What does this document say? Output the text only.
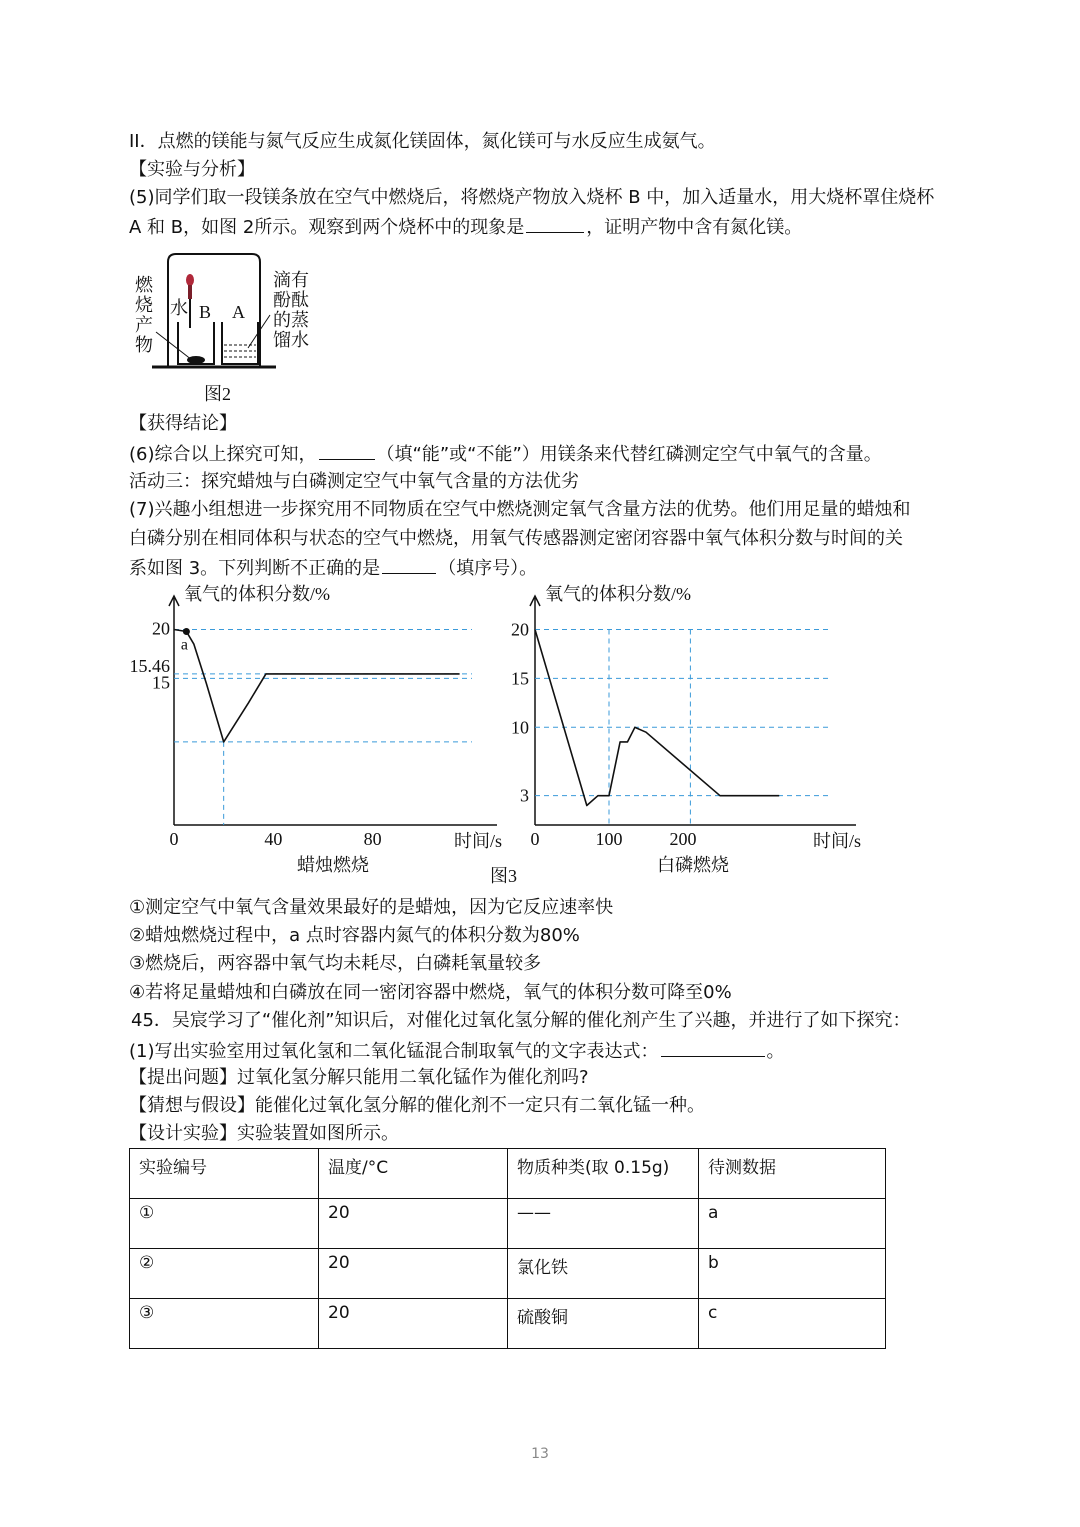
II．点燃的镁能与氮气反应生成氮化镁固体，氮化镁可与水反应生成氨气。
【实验与分析】
(5)同学们取一段镁条放在空气中燃烧后，将燃烧产物放入烧杯 B 中，加入适量水，用大烧杯罩住烧杯
A 和 B，如图 2所示。观察到两个烧杯中的现象是	，证明产物中含有氮化镁。
燃
烧
产
物
水 B A
滴有
酚酞
的蒸
馏水
图2
【获得结论】
(6)综合以上探究可知，	（填“能”或“不能”）用镁条来代替红磷测定空气中氧气的含量。
活动三：探究蜡烛与白磷测定空气中氧气含量的方法优劣
(7)兴趣小组想进一步探究用不同物质在空气中燃烧测定氧气含量方法的优势。他们用足量的蜡烛和
白磷分别在相同体积与状态的空气中燃烧，用氧气传感器测定密闭容器中氧气体积分数与时间的关
系如图 3。下列判断不正确的是	（填序号）。
氧气的体积分数/%
时间/s
蜡烛燃烧
0	40	80
20
15.46
15
a
氧气的体积分数/%
时间/s
白磷燃烧
0	100	200
20
15
10
3
图3
①测定空气中氧气含量效果最好的是蜡烛，因为它反应速率快
②蜡烛燃烧过程中，a 点时容器内氮气的体积分数为80%
③燃烧后，两容器中氧气均未耗尽，白磷耗氧量较多
④若将足量蜡烛和白磷放在同一密闭容器中燃烧，氧气的体积分数可降至0%
45．吴宸学习了“催化剂”知识后，对催化过氧化氢分解的催化剂产生了兴趣，并进行了如下探究：
(1)写出实验室用过氧化氢和二氧化锰混合制取氧气的文字表达式：	。
【提出问题】过氧化氢分解只能用二氧化锰作为催化剂吗?
【猜想与假设】能催化过氧化氢分解的催化剂不一定只有二氧化锰一种。
【设计实验】实验装置如图所示。
实验编号	温度/°C	物质种类(取 0.15g)	待测数据
①	20	——	a
②	20	氯化铁	b
③	20	硫酸铜	c
13
